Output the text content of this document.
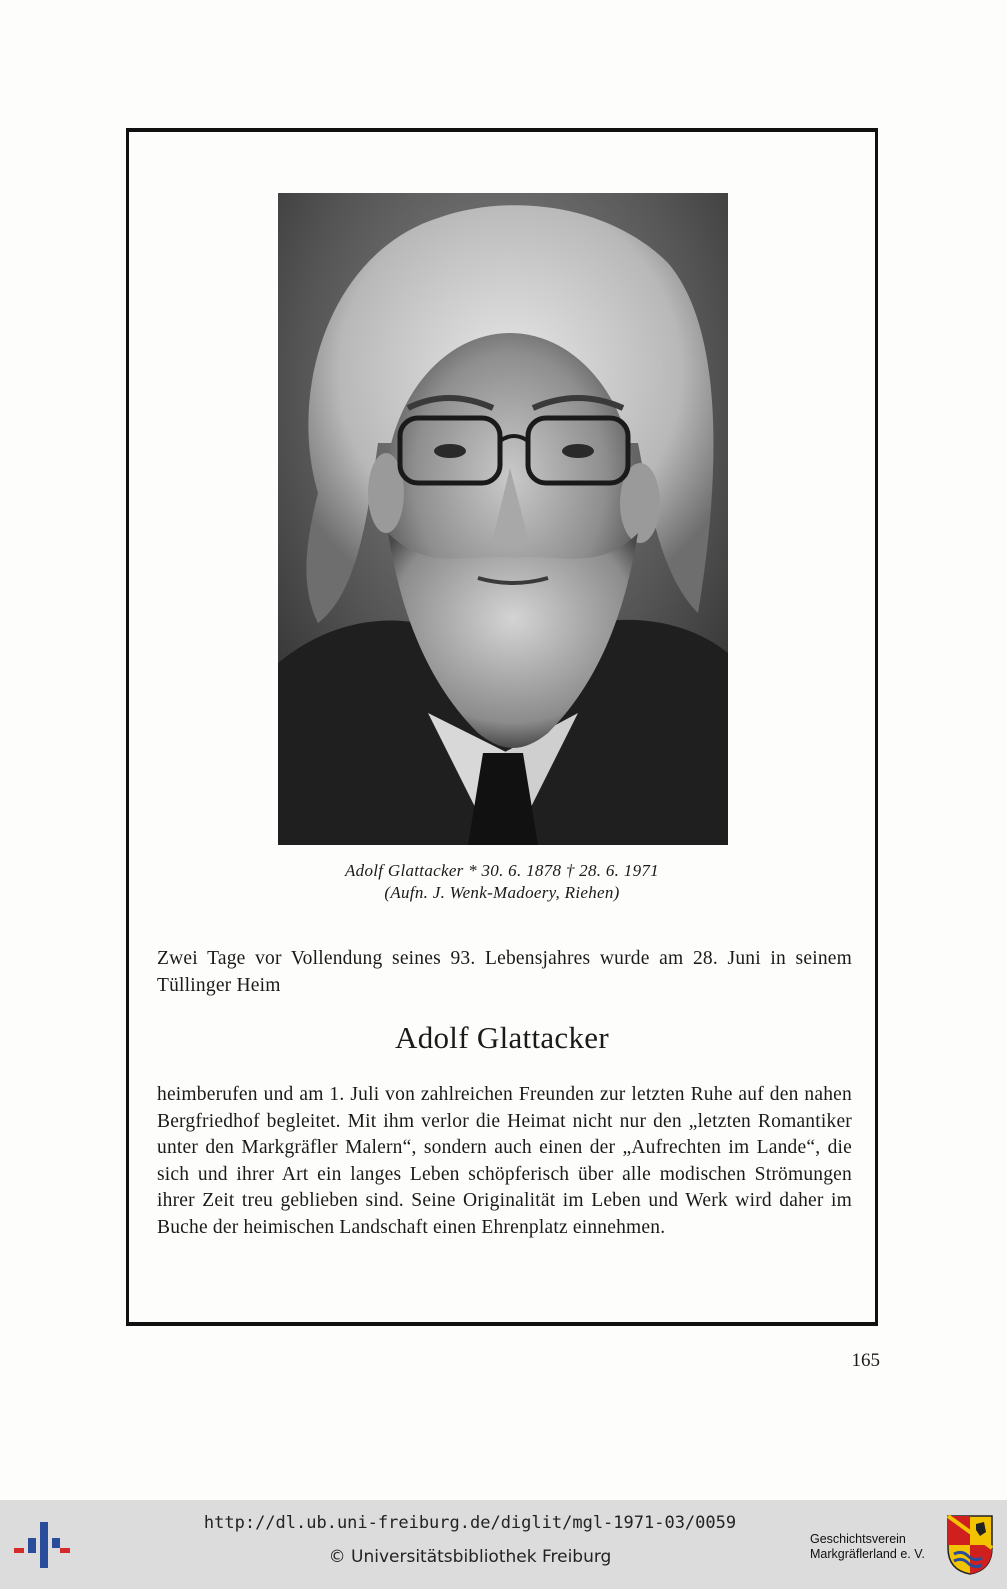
Adolf Glattacker * 30. 6. 1878 † 28. 6. 1971
(Aufn. J. Wenk-Madoery, Riehen)

Zwei Tage vor Vollendung seines 93. Lebensjahres wurde am 28. Juni in seinem Tüllinger Heim

Adolf Glattacker

heimberufen und am 1. Juli von zahlreichen Freunden zur letzten Ruhe auf den nahen Bergfriedhof begleitet. Mit ihm verlor die Heimat nicht nur den „letzten Romantiker unter den Markgräfler Malern“, sondern auch einen der „Aufrechten im Lande“, die sich und ihrer Art ein langes Leben schöpferisch über alle modischen Strömungen ihrer Zeit treu geblieben sind. Seine Originalität im Leben und Werk wird daher im Buche der heimischen Landschaft einen Ehrenplatz einnehmen.

165
http://dl.ub.uni-freiburg.de/diglit/mgl-1971-03/0059
© Universitätsbibliothek Freiburg
Geschichtsverein
Markgräflerland e. V.
